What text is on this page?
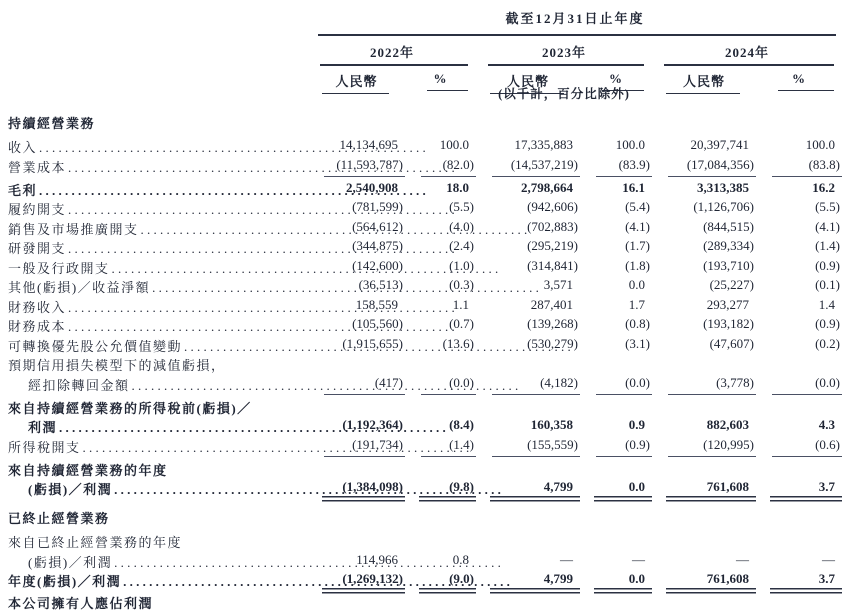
截至12月31日止年度
2022年	2023年	2024年
人民幣	%	人民幣	%	人民幣	%
(以千計，百分比除外)
持續經營業務
收入 . . .	14,134,695	100.0	17,335,883	100.0	20,397,741	100.0
營業成本 . . .	(11,593,787)	(82.0)	(14,537,219)	(83.9)	(17,084,356)	(83.8)
毛利 . . .	2,540,908	18.0	2,798,664	16.1	3,313,385	16.2
履約開支 . . .	(781,599)	(5.5)	(942,606)	(5.4)	(1,126,706)	(5.5)
銷售及市場推廣開支 . . .	(564,612)	(4.0)	(702,883)	(4.1)	(844,515)	(4.1)
研發開支 . . .	(344,875)	(2.4)	(295,219)	(1.7)	(289,334)	(1.4)
一般及行政開支 . . .	(142,600)	(1.0)	(314,841)	(1.8)	(193,710)	(0.9)
其他(虧損)／收益淨額 . . .	(36,513)	(0.3)	3,571	0.0	(25,227)	(0.1)
財務收入 . . .	158,559	1.1	287,401	1.7	293,277	1.4
財務成本 . . .	(105,560)	(0.7)	(139,268)	(0.8)	(193,182)	(0.9)
可轉換優先股公允價值變動 . . .	(1,915,655)	(13.6)	(530,279)	(3.1)	(47,607)	(0.2)
預期信用損失模型下的減值虧損，
經扣除轉回金額 . . .	(417)	(0.0)	(4,182)	(0.0)	(3,778)	(0.0)
來自持續經營業務的所得稅前(虧損)／
利潤 . . .	(1,192,364)	(8.4)	160,358	0.9	882,603	4.3
所得稅開支 . . .	(191,734)	(1.4)	(155,559)	(0.9)	(120,995)	(0.6)
來自持續經營業務的年度
(虧損)／利潤 . . .	(1,384,098)	(9.8)	4,799	0.0	761,608	3.7
已終止經營業務
來自已終止經營業務的年度
(虧損)／利潤 . . .	114,966	0.8	—	—	—	—
年度(虧損)／利潤 . . .	(1,269,132)	(9.0)	4,799	0.0	761,608	3.7
本公司擁有人應佔利潤
